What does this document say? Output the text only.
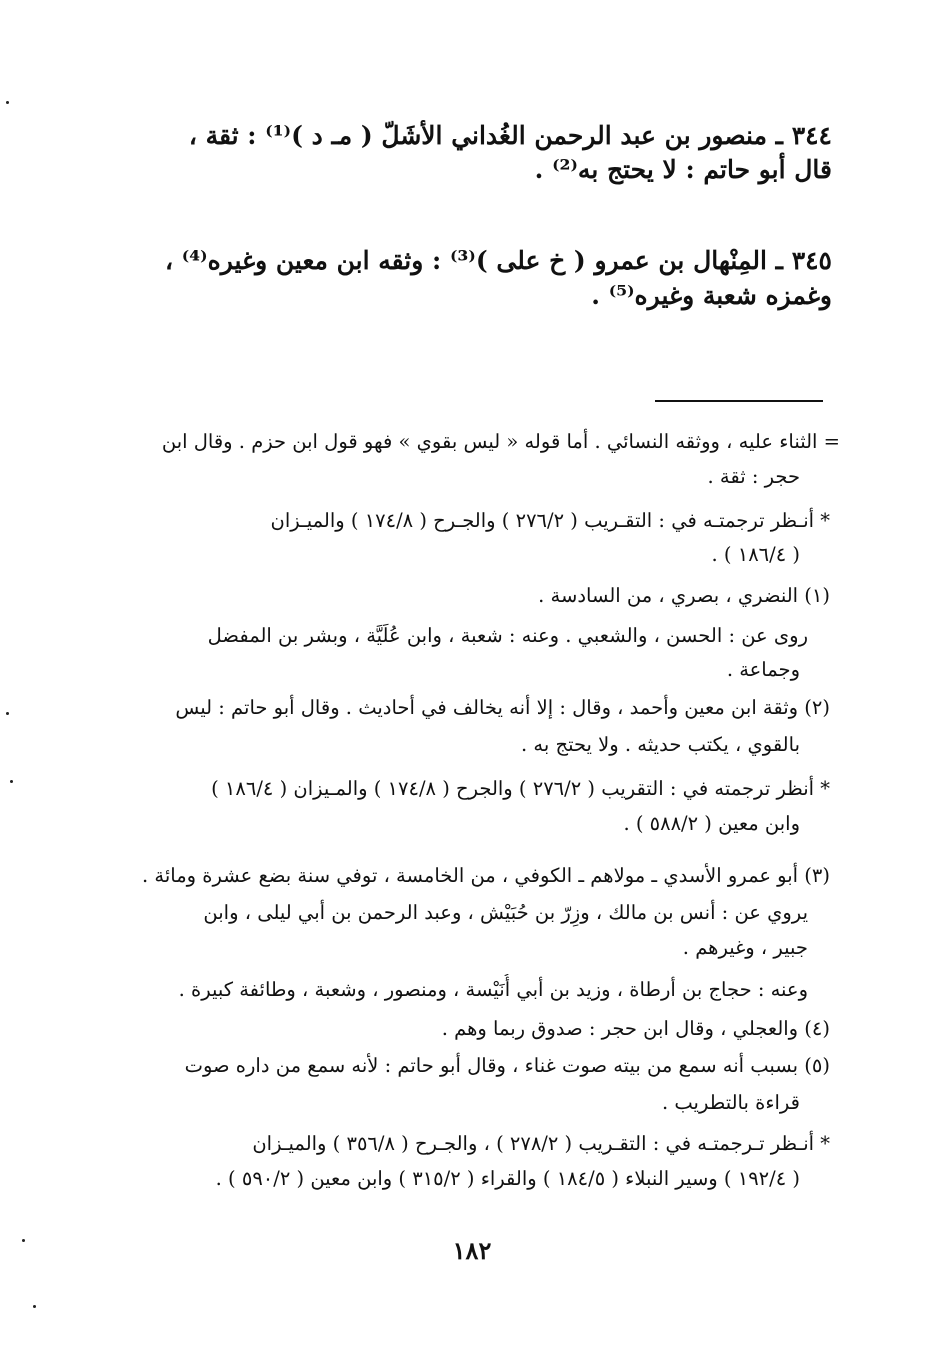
٣٤٤ ـ منصور بن عبد الرحمن الغُداني الأشَلّ ( مـ د )⁽¹⁾ : ثقة ،
قال أبو حاتم : لا يحتج به⁽²⁾ .
٣٤٥ ـ المِنْهال بن عمرو ( خ على )⁽³⁾ : وثقه ابن معين وغيره⁽⁴⁾ ،
وغمزه شعبة وغيره⁽⁵⁾ .
= الثناء عليه ، ووثقه النسائي . أما قوله « ليس بقوي » فهو قول ابن حزم . وقال ابن
حجر : ثقة .
* أنـظر ترجمتـه في : التقـريب ( ٢٧٦/٢ ) والجـرح ( ١٧٤/٨ ) والميـزان
( ١٨٦/٤ ) .
(١) النضري ، بصري ، من السادسة .
روى عن : الحسن ، والشعبي . وعنه : شعبة ، وابن عُلَيَّة ، وبشر بن المفضل
وجماعة .
(٢) وثقة ابن معين وأحمد ، وقال : إلا أنه يخالف في أحاديث . وقال أبو حاتم : ليس
بالقوي ، يكتب حديثه . ولا يحتج به .
* أنظر ترجمته في : التقريب ( ٢٧٦/٢ ) والجرح ( ١٧٤/٨ ) والمـيزان ( ١٨٦/٤ )
وابن معين ( ٥٨٨/٢ ) .
(٣) أبو عمرو الأسدي ـ مولاهم ـ الكوفي ، من الخامسة ، توفي سنة بضع عشرة ومائة .
يروي عن : أنس بن مالك ، وزِرّ بن حُبَيْش ، وعبد الرحمن بن أبي ليلى ، وابن
جبير ، وغيرهم .
وعنه : حجاج بن أرطاة ، وزيد بن أبي أُنَيْسة ، ومنصور ، وشعبة ، وطائفة كبيرة .
(٤) والعجلي ، وقال ابن حجر : صدوق ربما وهم .
(٥) بسبب أنه سمع من بيته صوت غناء ، وقال أبو حاتم : لأنه سمع من داره صوت
قراءة بالتطريب .
* أنـظر تـرجمتـه في : التقـريب ( ٢٧٨/٢ ) ، والجـرح ( ٣٥٦/٨ ) والميـزان
( ١٩٢/٤ ) وسير النبلاء ( ١٨٤/٥ ) والقراء ( ٣١٥/٢ ) وابن معين ( ٥٩٠/٢ ) .
١٨٢
